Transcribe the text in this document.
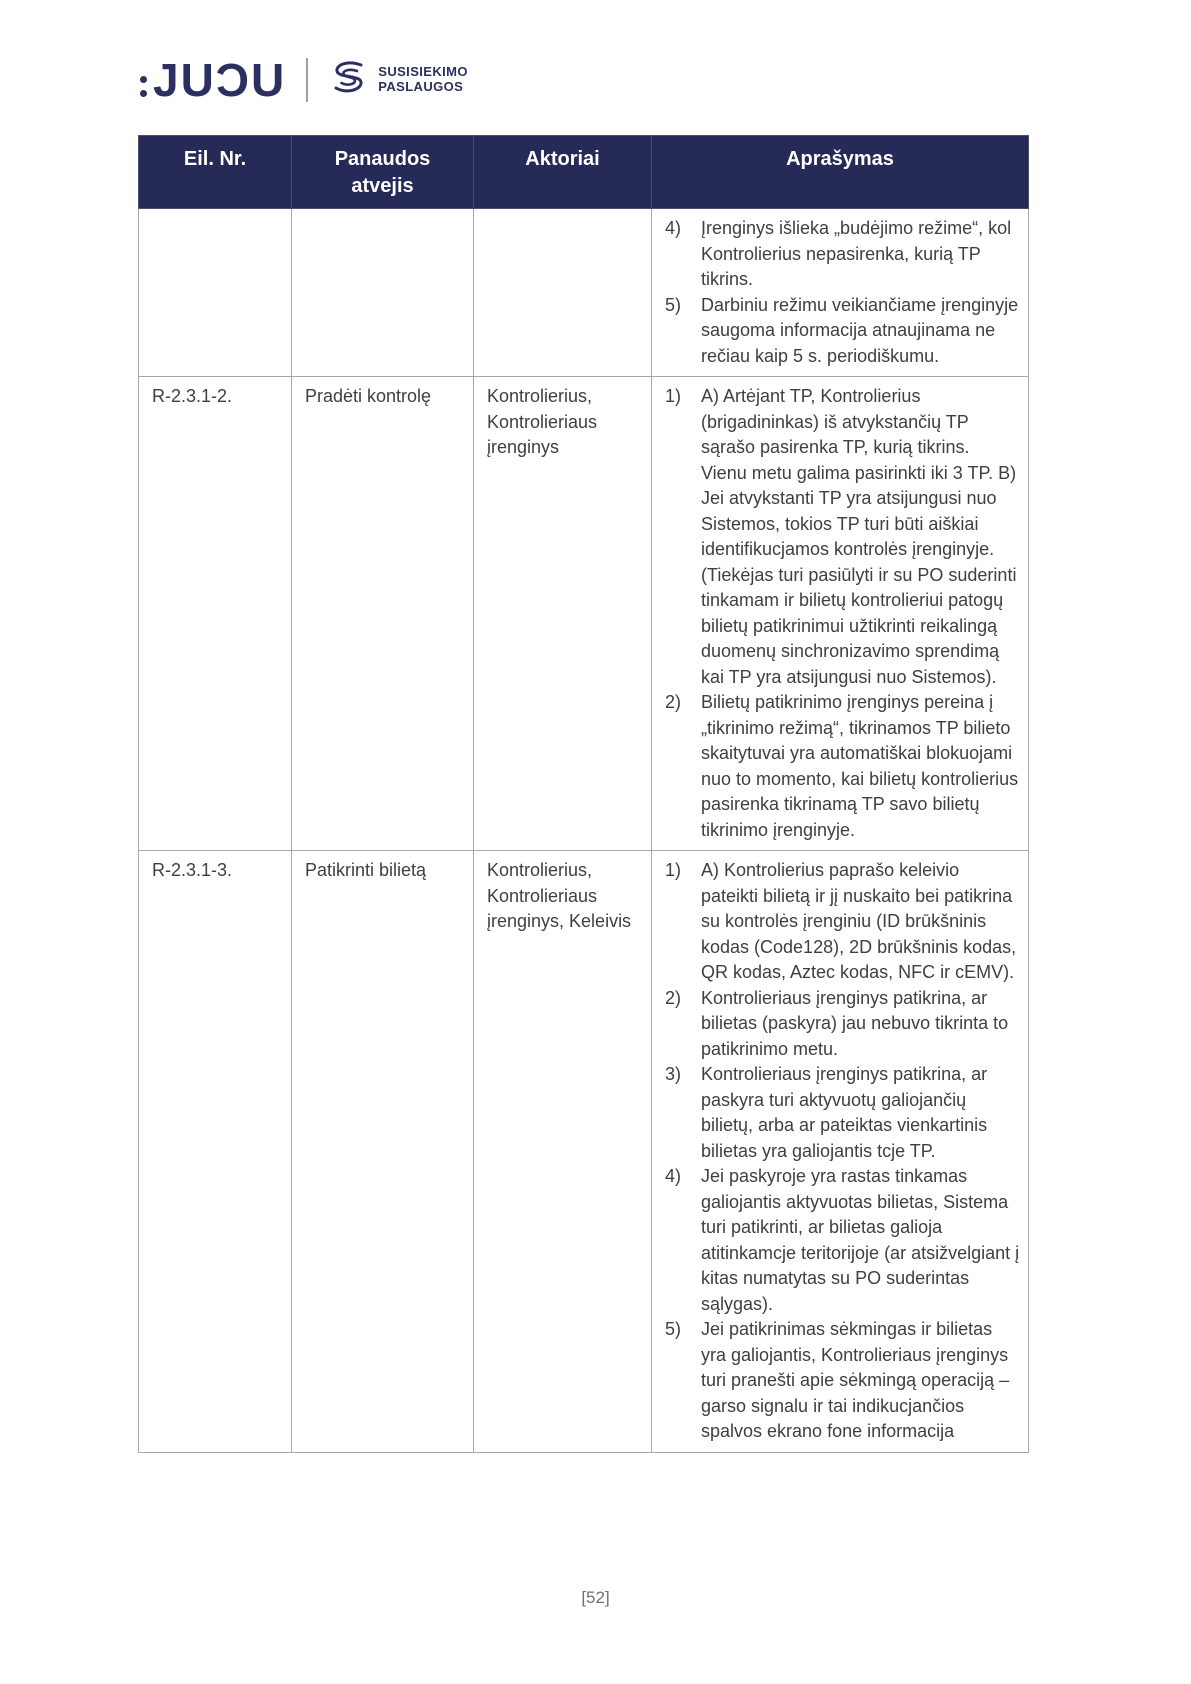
JUƆU	SUSISIEKIMO
PASLAUGOS
Eil. Nr.	Panaudos atvejis	Aktoriai	Aprašymas

			4) Įrenginys išlieka „budėjimo režime“, kol Kontrolierius nepasirenka, kurią TP tikrins.
5) Darbiniu režimu veikiančiame įrenginyje saugoma informacija atnaujinama ne rečiau kaip 5 s. periodiškumu.

R-2.3.1-2.	Pradėti kontrolę	Kontrolierius, Kontrolieriaus įrenginys	1) A) Artėjant TP, Kontrolierius (brigadininkas) iš atvykstančių TP sąrašo pasirenka TP, kurią tikrins. Vienu metu galima pasirinkti iki 3 TP. B) Jei atvykstanti TP yra atsijungusi nuo Sistemos, tokios TP turi būti aiškiai identifikucjamos kontrolės įrenginyje. (Tiekėjas turi pasiūlyti ir su PO suderinti tinkamam ir bilietų kontrolieriui patogų bilietų patikrinimui užtikrinti reikalingą duomenų sinchronizavimo sprendimą kai TP yra atsijungusi nuo Sistemos).
2) Bilietų patikrinimo įrenginys pereina į „tikrinimo režimą“, tikrinamos TP bilieto skaitytuvai yra automatiškai blokuojami nuo to momento, kai bilietų kontrolierius pasirenka tikrinamą TP savo bilietų tikrinimo įrenginyje.

R-2.3.1-3.	Patikrinti bilietą	Kontrolierius, Kontrolieriaus įrenginys, Keleivis	
1)	A) Kontrolierius paprašo keleivio pateikti bilietą ir jį nuskaito bei patikrina su kontrolės įrenginiu (ID brūkšninis kodas (Code128), 2D brūkšninis kodas, QR kodas, Aztec kodas, NFC ir cEMV).
2)	Kontrolieriaus įrenginys patikrina, ar bilietas (paskyra) jau nebuvo tikrinta to patikrinimo metu.
3)	Kontrolieriaus įrenginys patikrina, ar paskyra turi aktyvuotų galiojančių bilietų, arba ar pateiktas vienkartinis bilietas yra galiojantis tcje TP.
4)	Jei paskyroje yra rastas tinkamas galiojantis aktyvuotas bilietas, Sistema turi patikrinti, ar bilietas galioja atitinkamcje teritorijoje (ar atsižvelgiant į kitas numatytas su PO suderintas sąlygas).
5)	Jei patikrinimas sėkmingas ir bilietas yra galiojantis, Kontrolieriaus įrenginys turi pranešti apie sėkmingą operaciją – garso signalu ir tai indikucjančios spalvos ekrano fone informacija
[52]
